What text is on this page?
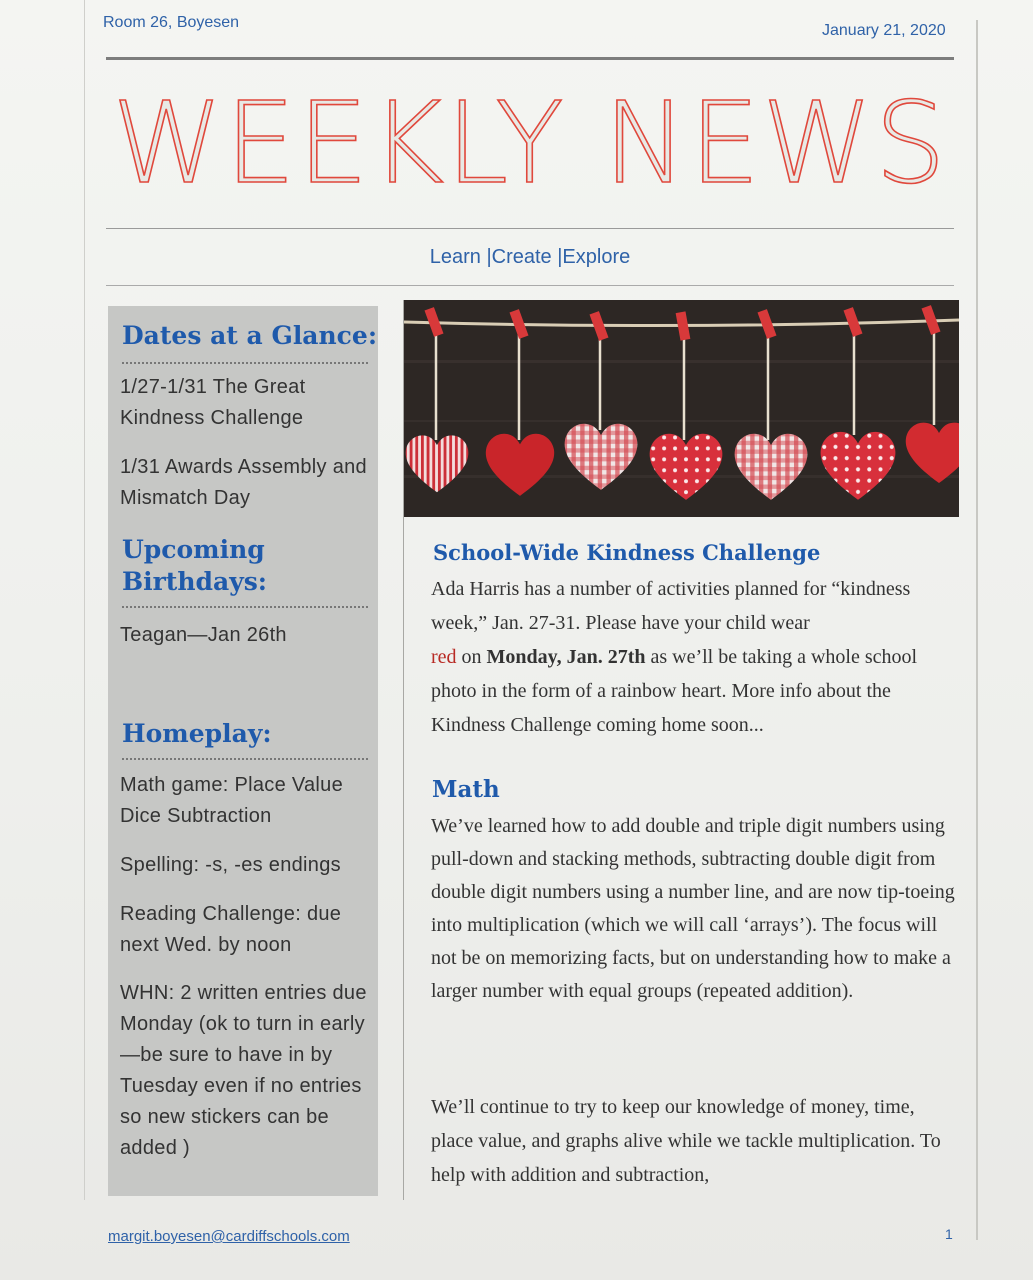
Room 26, Boyesen	January 21, 2020
WEEKLY NEWS
Learn |Create |Explore
Dates at a Glance:
1/27-1/31 The Great Kindness Challenge
1/31 Awards Assembly and Mismatch Day
Upcoming Birthdays:
Teagan—Jan 26th
Homeplay:
Math game: Place Value Dice Subtraction
Spelling: -s, -es endings
Reading Challenge: due next Wed. by noon
WHN: 2 written entries due Monday (ok to turn in early—be sure to have in by Tuesday even if no entries so new stickers can be added )
School-Wide Kindness Challenge
Ada Harris has a number of activities planned for “kindness week,” Jan. 27-31. Please have your child wear
red on Monday, Jan. 27th as we’ll be taking a whole school photo in the form of a rainbow heart. More info about the Kindness Challenge coming home soon...
Math
We’ve learned how to add double and triple digit numbers using pull-down and stacking methods, subtracting double digit from double digit numbers using a number line, and are now tip-toeing into multiplication (which we will call ‘arrays’). The focus will not be on memorizing facts, but on understanding how to make a larger number with equal groups (repeated addition).
We’ll continue to try to keep our knowledge of money, time, place value, and graphs alive while we tackle multiplication. To help with addition and subtraction,
margit.boyesen@cardiffschools.com	1
